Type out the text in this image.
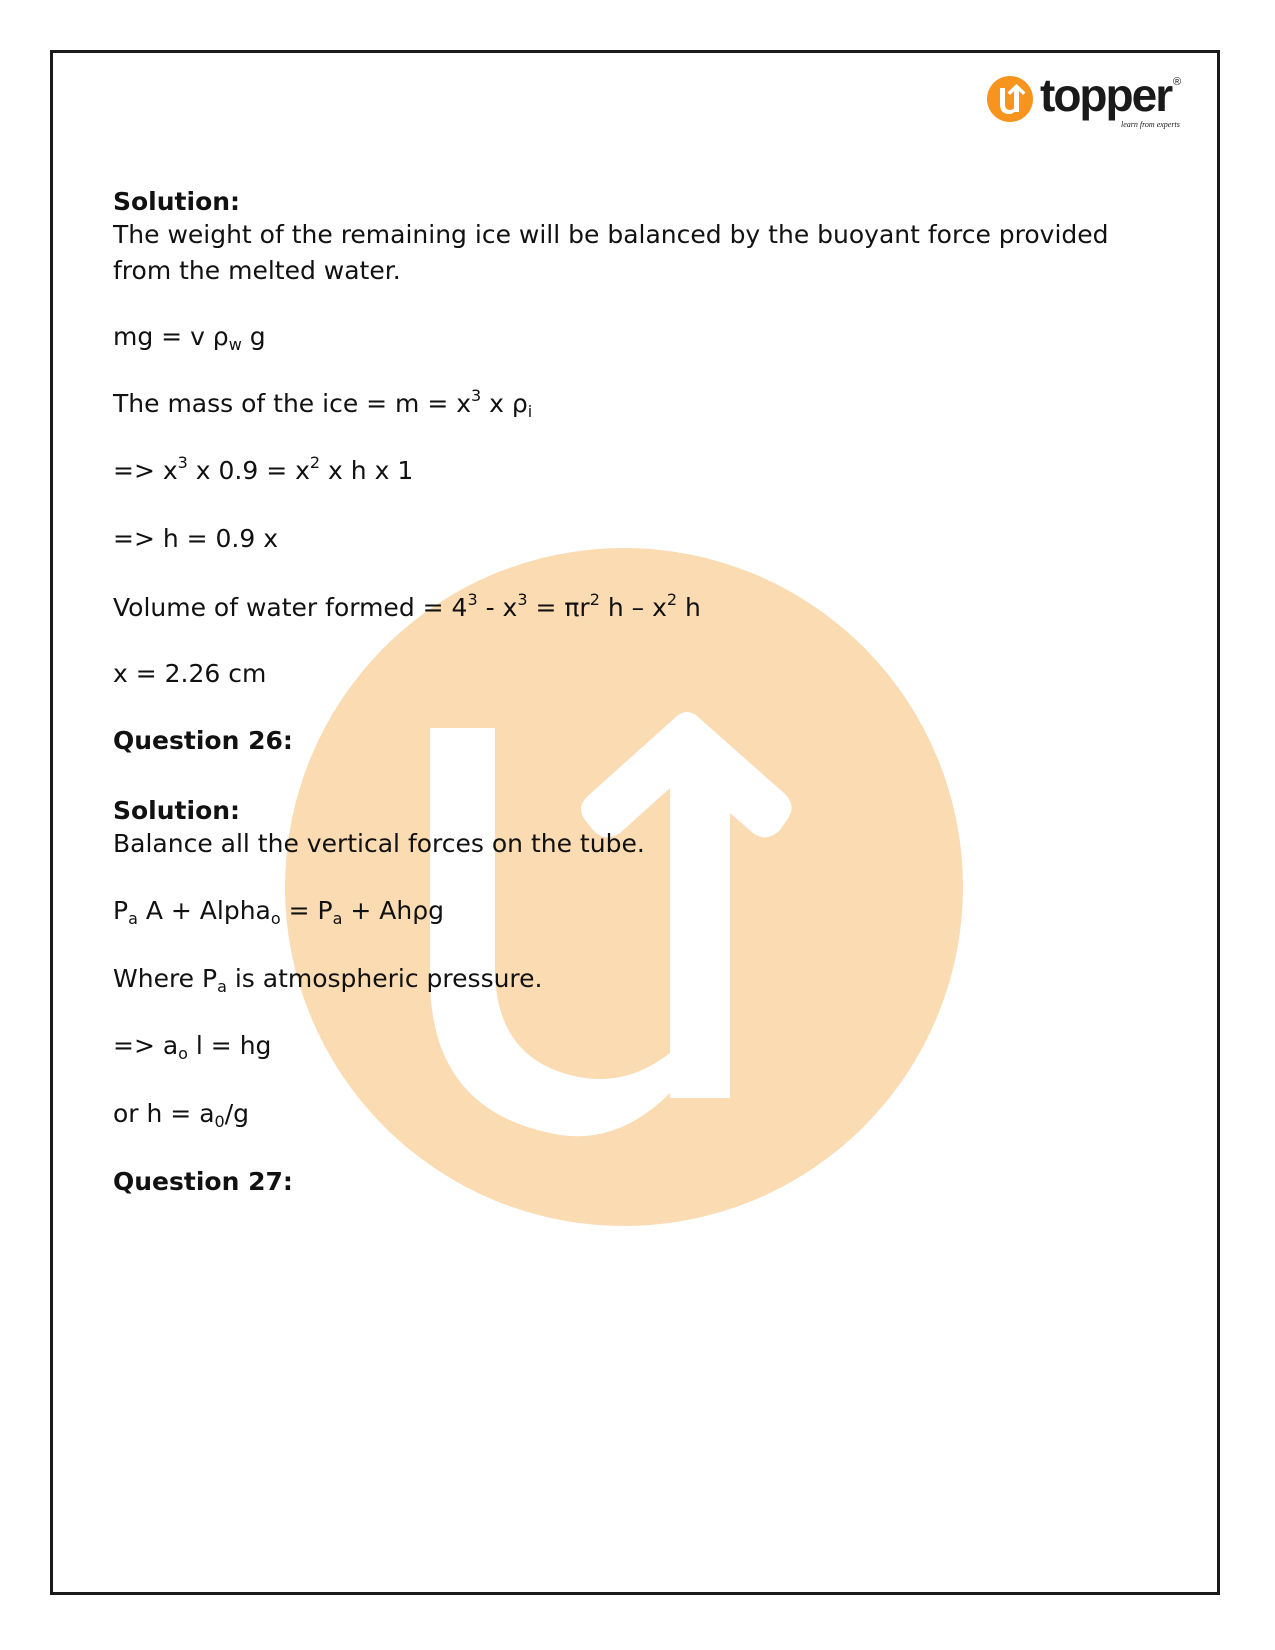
topper ®
learn from experts
Solution:
The weight of the remaining ice will be balanced by the buoyant force provided from the melted water.
mg = v $\rho_w$ g
The mass of the ice = $m = x^3$ x $\rho_i$
=> $x^3$ x $0.9 = x^2$ x h x 1
=> h = 0.9 x
Volume of water formed = $4^3 - x^3 = \pi r^2$ h – $x^2$ h
x = 2.26 cm
Question 26:
Solution:
Balance all the vertical forces on the tube.
$P_a$ A + Alpha$_o$ = $P_a + Ah\rho g$
Where $P_a$ is atmospheric pressure.
=> $a_o$ l = hg
or $h = a_0/g$
Question 27:
